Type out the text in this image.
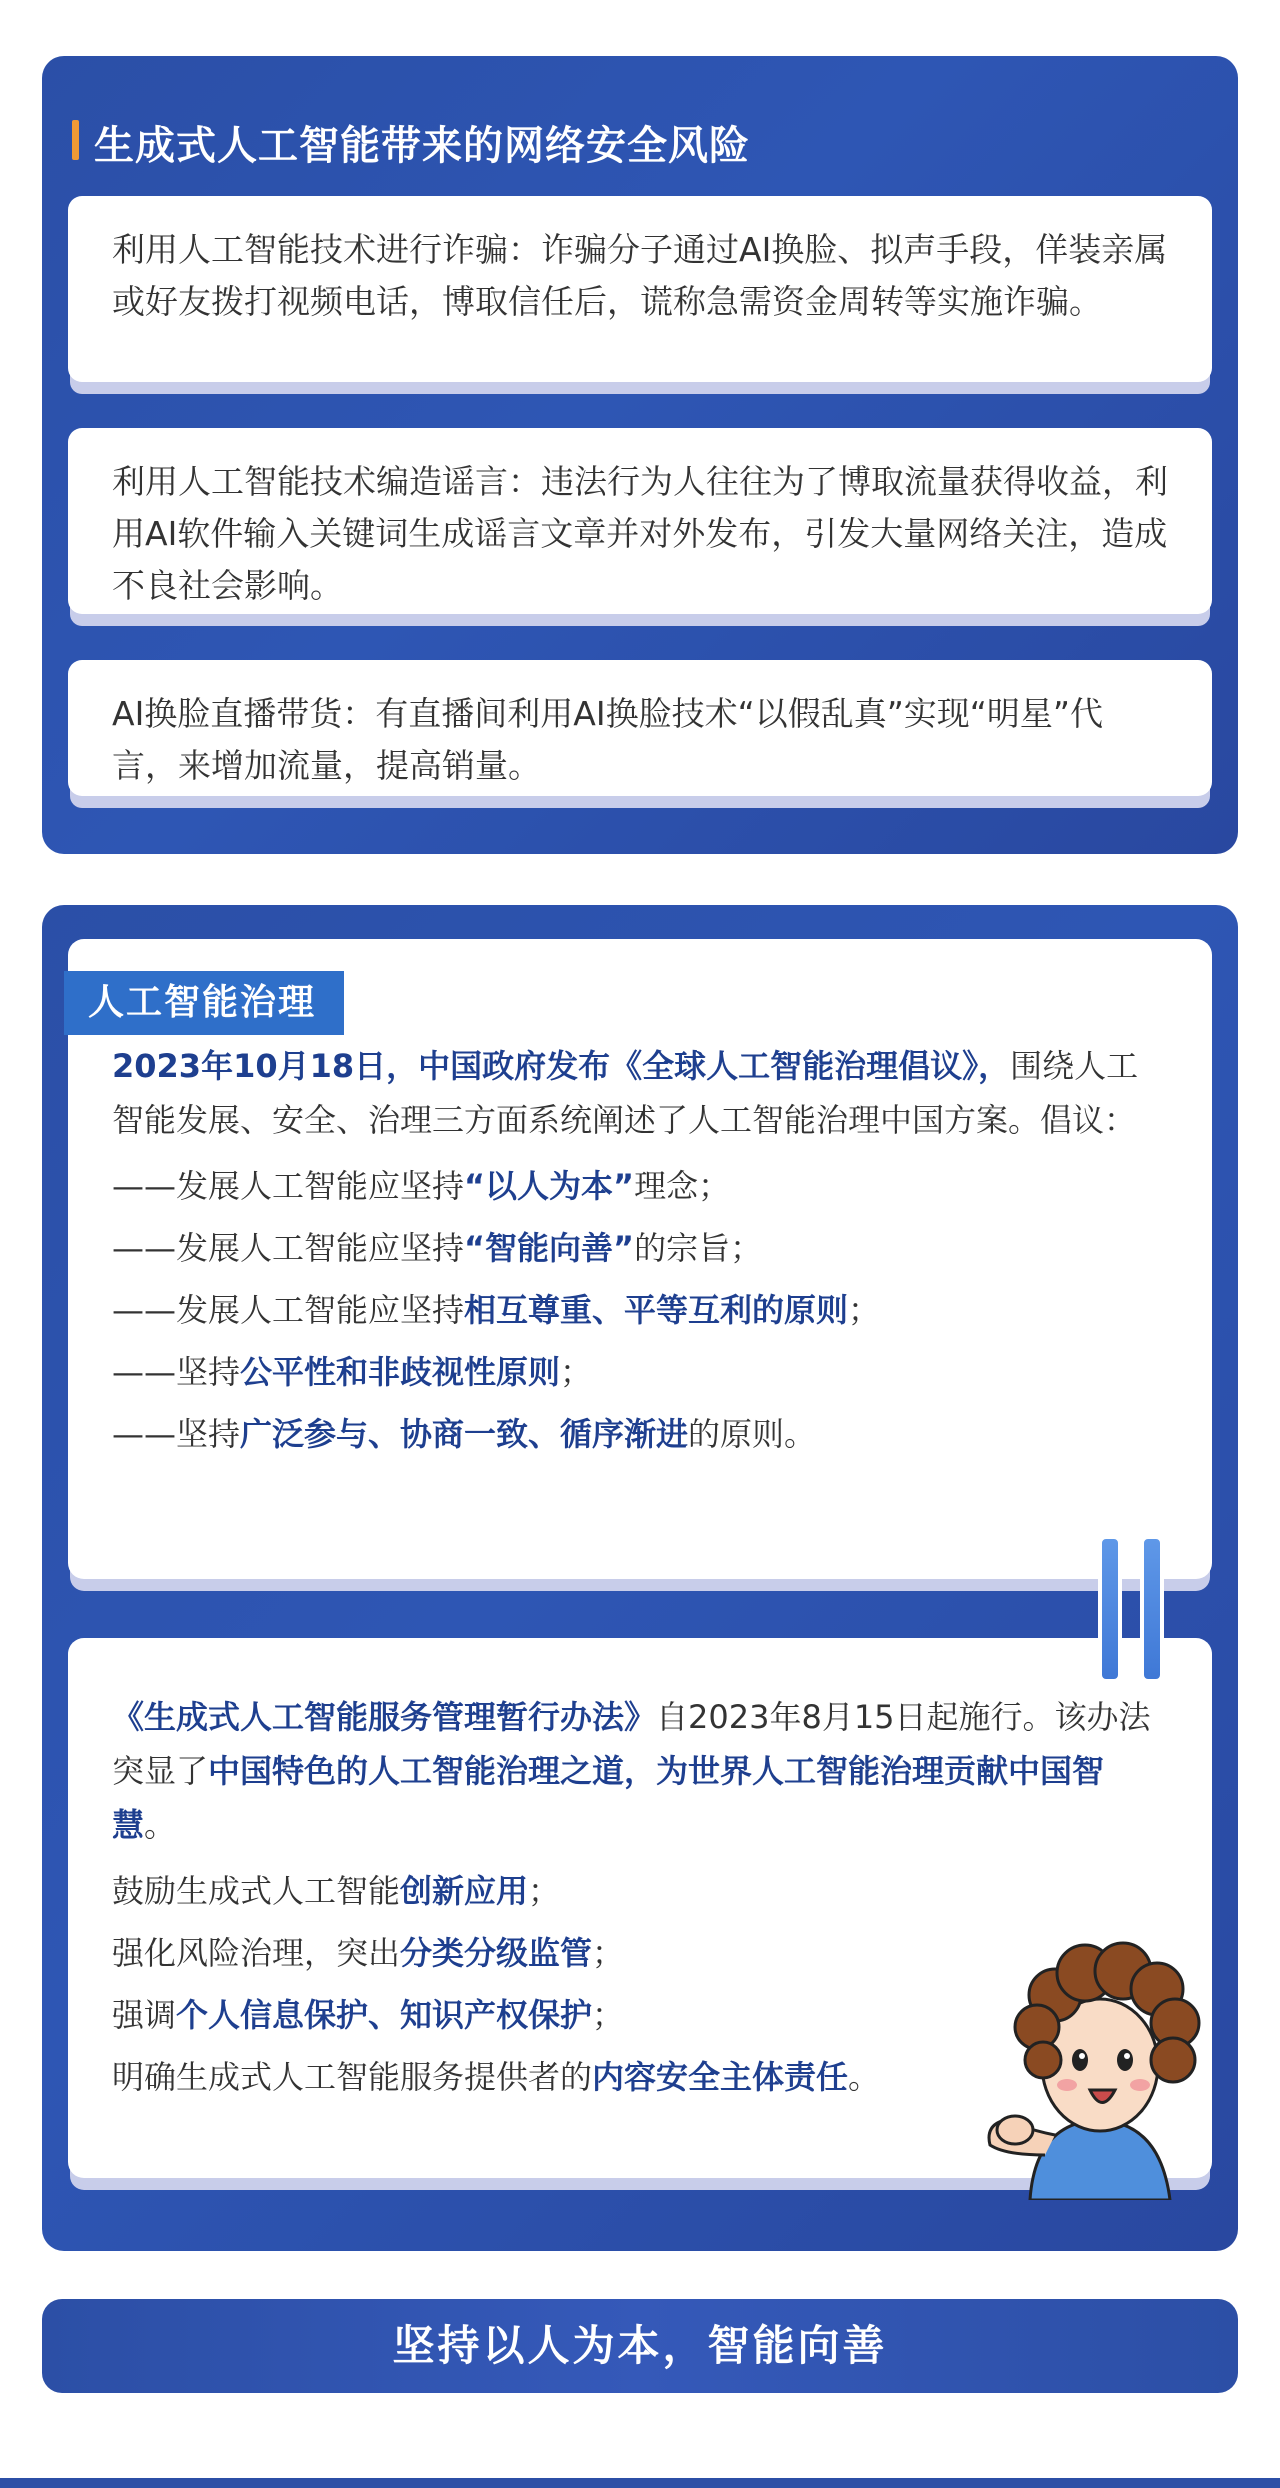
生成式人工智能带来的网络安全风险
利用人工智能技术进行诈骗：诈骗分子通过AI换脸、拟声手段，佯装亲属或好友拨打视频电话，博取信任后，谎称急需资金周转等实施诈骗。
利用人工智能技术编造谣言：违法行为人往往为了博取流量获得收益，利用AI软件输入关键词生成谣言文章并对外发布，引发大量网络关注，造成不良社会影响。
AI换脸直播带货：有直播间利用AI换脸技术“以假乱真”实现“明星”代言，来增加流量，提高销量。
2023年10月18日，中国政府发布《全球人工智能治理倡议》，围绕人工智能发展、安全、治理三方面系统阐述了人工智能治理中国方案。倡议：
——发展人工智能应坚持“以人为本”理念；
——发展人工智能应坚持“智能向善”的宗旨；
——发展人工智能应坚持相互尊重、平等互利的原则；
——坚持公平性和非歧视性原则；
——坚持广泛参与、协商一致、循序渐进的原则。
人工智能治理
《生成式人工智能服务管理暂行办法》自2023年8月15日起施行。该办法突显了中国特色的人工智能治理之道，为世界人工智能治理贡献中国智慧。
鼓励生成式人工智能创新应用；
强化风险治理，突出分类分级监管；
强调个人信息保护、知识产权保护；
明确生成式人工智能服务提供者的内容安全主体责任。
坚持以人为本，智能向善
